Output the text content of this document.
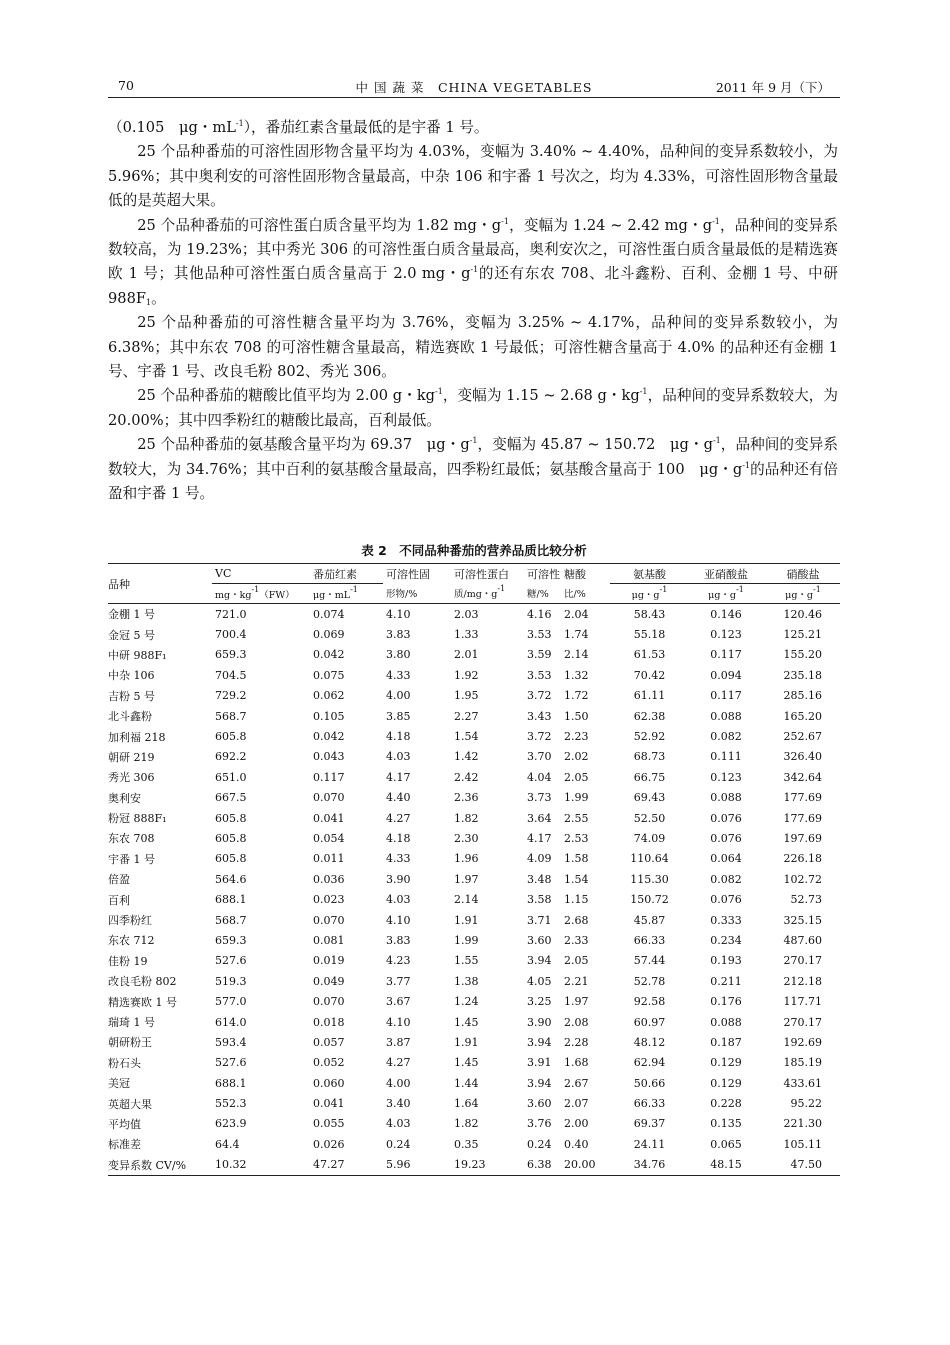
70	中 国 蔬 菜　CHINA VEGETABLES	2011 年 9 月（下）

（0.105　μg・$mL^{-1}$），番茄红素含量最低的是宇番 1 号。

25 个品种番茄的可溶性固形物含量平均为 4.03%，变幅为 3.40% ~ 4.40%，品种间的变异系数较小，为 5.96%；其中奥利安的可溶性固形物含量最高，中杂 106 和宇番 1 号次之，均为 4.33%，可溶性固形物含量最低的是英超大果。

25 个品种番茄的可溶性蛋白质含量平均为 1.82 mg・$g^{-1}$，变幅为 1.24 ~ 2.42 mg・$g^{-1}$，品种间的变异系数较高，为 19.23%；其中秀光 306 的可溶性蛋白质含量最高，奥利安次之，可溶性蛋白质含量最低的是精选赛欧 1 号；其他品种可溶性蛋白质含量高于 2.0 mg・$g^{-1}$的还有东农 708、北斗鑫粉、百利、金棚 1 号、中研 $988F_1$。

25 个品种番茄的可溶性糖含量平均为 3.76%，变幅为 3.25% ~ 4.17%，品种间的变异系数较小，为 6.38%；其中东农 708 的可溶性糖含量最高，精选赛欧 1 号最低；可溶性糖含量高于 4.0% 的品种还有金棚 1 号、宇番 1 号、改良毛粉 802、秀光 306。

25 个品种番茄的糖酸比值平均为 2.00 g・$kg^{-1}$，变幅为 1.15 ~ 2.68 g・$kg^{-1}$，品种间的变异系数较大，为 20.00%；其中四季粉红的糖酸比最高，百利最低。

25 个品种番茄的氨基酸含量平均为 69.37　μg・$g^{-1}$，变幅为 45.87 ~ 150.72　μg・$g^{-1}$，品种间的变异系数较大，为 34.76%；其中百利的氨基酸含量最高，四季粉红最低；氨基酸含量高于 100　μg・$g^{-1}$的品种还有倍盈和宇番 1 号。

表 2　不同品种番茄的营养品质比较分析
品种	VC	番茄红素	可溶性固	可溶性蛋白	可溶性	糖酸	氨基酸	亚硝酸盐	硝酸盐
	mg・$kg^{-1}(FW)$	μg・$mL^{-1}$	形物/%	质/mg・$g^{-1}$	糖/%	比/%	μg・$g^{-1}$	μg・$g^{-1}$	μg・$g^{-1}$
金棚 1 号	721.0	0.074	4.10	2.03	4.16	2.04	58.43	0.146	120.46
金冠 5 号	700.4	0.069	3.83	1.33	3.53	1.74	55.18	0.123	125.21
中研 988F₁	659.3	0.042	3.80	2.01	3.59	2.14	61.53	0.117	155.20
中杂 106	704.5	0.075	4.33	1.92	3.53	1.32	70.42	0.094	235.18
吉粉 5 号	729.2	0.062	4.00	1.95	3.72	1.72	61.11	0.117	285.16
北斗鑫粉	568.7	0.105	3.85	2.27	3.43	1.50	62.38	0.088	165.20
加利福 218	605.8	0.042	4.18	1.54	3.72	2.23	52.92	0.082	252.67
朝研 219	692.2	0.043	4.03	1.42	3.70	2.02	68.73	0.111	326.40
秀光 306	651.0	0.117	4.17	2.42	4.04	2.05	66.75	0.123	342.64
奥利安	667.5	0.070	4.40	2.36	3.73	1.99	69.43	0.088	177.69
粉冠 888F₁	605.8	0.041	4.27	1.82	3.64	2.55	52.50	0.076	177.69
东农 708	605.8	0.054	4.18	2.30	4.17	2.53	74.09	0.076	197.69
宇番 1 号	605.8	0.011	4.33	1.96	4.09	1.58	110.64	0.064	226.18
倍盈	564.6	0.036	3.90	1.97	3.48	1.54	115.30	0.082	102.72
百利	688.1	0.023	4.03	2.14	3.58	1.15	150.72	0.076	52.73
四季粉红	568.7	0.070	4.10	1.91	3.71	2.68	45.87	0.333	325.15
东农 712	659.3	0.081	3.83	1.99	3.60	2.33	66.33	0.234	487.60
佳粉 19	527.6	0.019	4.23	1.55	3.94	2.05	57.44	0.193	270.17
改良毛粉 802	519.3	0.049	3.77	1.38	4.05	2.21	52.78	0.211	212.18
精选赛欧 1 号	577.0	0.070	3.67	1.24	3.25	1.97	92.58	0.176	117.71
瑞琦 1 号	614.0	0.018	4.10	1.45	3.90	2.08	60.97	0.088	270.17
朝研粉王	593.4	0.057	3.87	1.91	3.94	2.28	48.12	0.187	192.69
粉石头	527.6	0.052	4.27	1.45	3.91	1.68	62.94	0.129	185.19
美冠	688.1	0.060	4.00	1.44	3.94	2.67	50.66	0.129	433.61
英超大果	552.3	0.041	3.40	1.64	3.60	2.07	66.33	0.228	95.22
平均值	623.9	0.055	4.03	1.82	3.76	2.00	69.37	0.135	221.30
标准差	64.4	0.026	0.24	0.35	0.24	0.40	24.11	0.065	105.11
变异系数 CV/%	10.32	47.27	5.96	19.23	6.38	20.00	34.76	48.15	47.50
